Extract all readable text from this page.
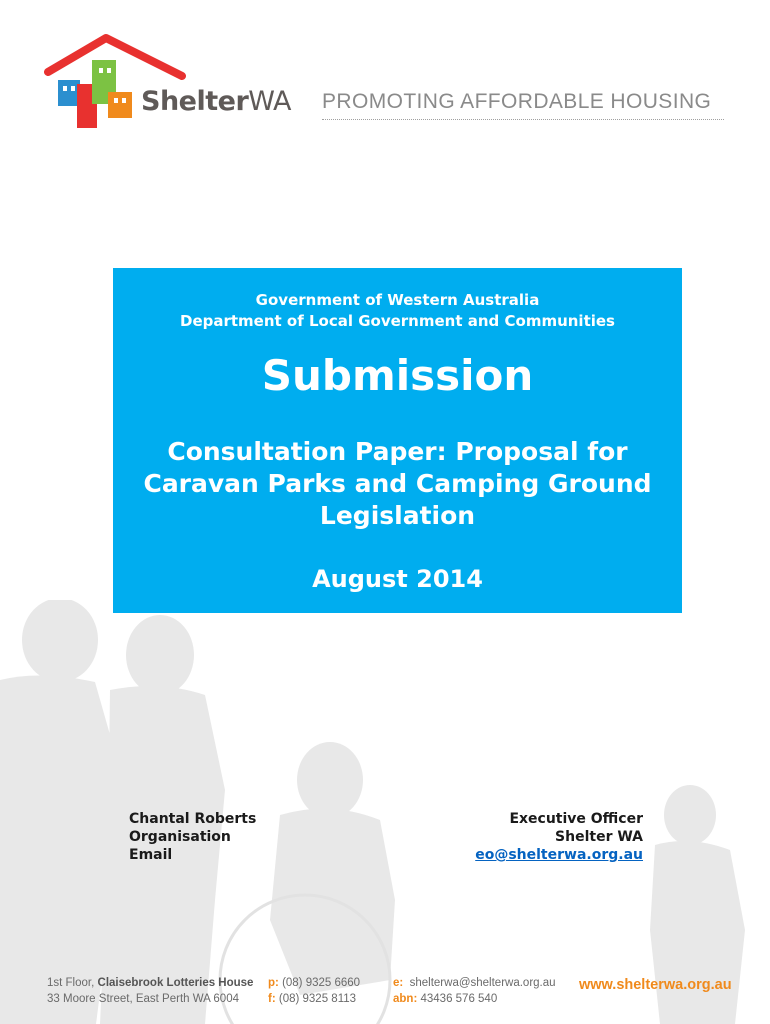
ShelterWA PROMOTING AFFORDABLE HOUSING
Government of Western Australia
Department of Local Government and Communities
Submission
Consultation Paper: Proposal for
Caravan Parks and Camping Ground
Legislation
August 2014
Chantal Roberts
Organisation
Email
Executive Officer
Shelter WA
eo@shelterwa.org.au
1st Floor, Claisebrook Lotteries House
33 Moore Street, East Perth WA 6004
p: (08) 9325 6660
f: (08) 9325 8113
e: shelterwa@shelterwa.org.au
abn: 43436 576 540
www.shelterwa.org.au
